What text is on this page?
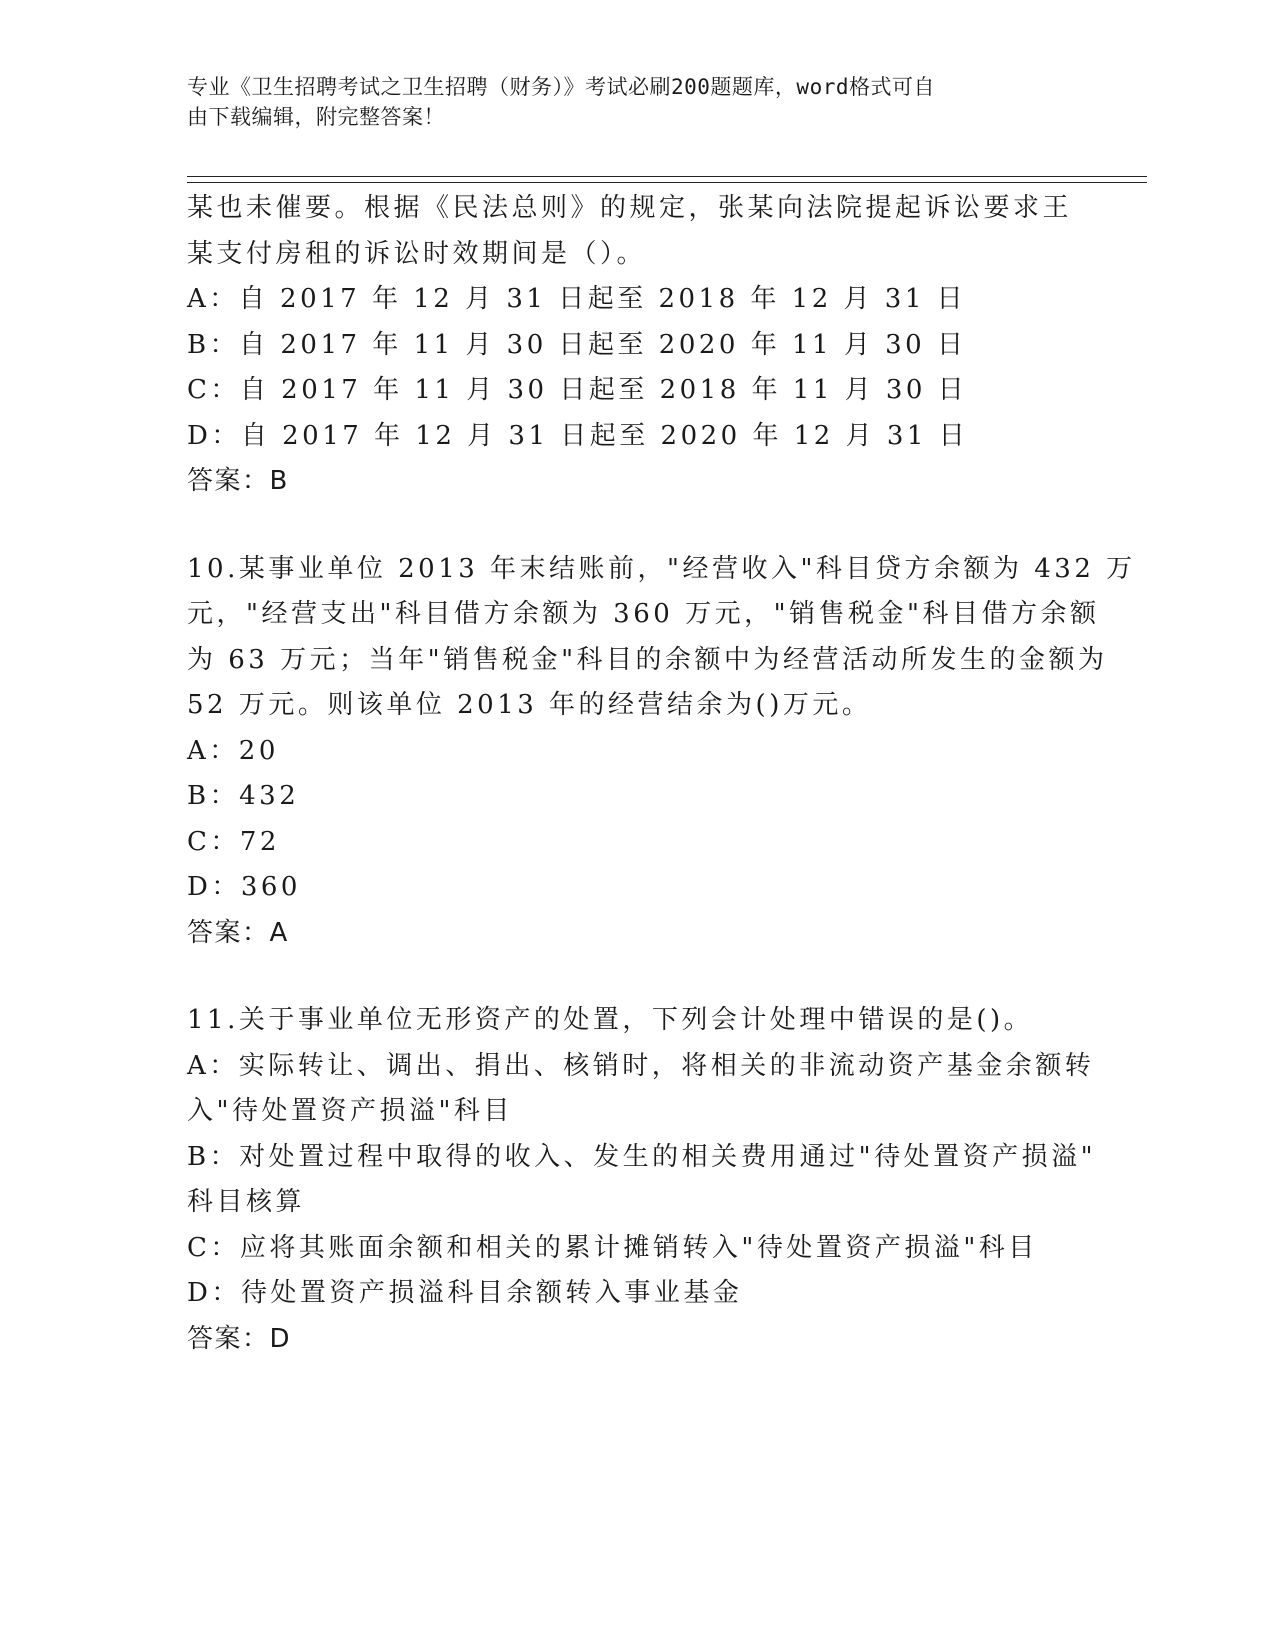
专业《卫生招聘考试之卫生招聘（财务）》考试必刷200题题库，word格式可自
由下载编辑，附完整答案！
某也未催要。根据《民法总则》的规定，张某向法院提起诉讼要求王
某支付房租的诉讼时效期间是（）。
A：自 2017 年 12 月 31 日起至 2018 年 12 月 31 日
B：自 2017 年 11 月 30 日起至 2020 年 11 月 30 日
C：自 2017 年 11 月 30 日起至 2018 年 11 月 30 日
D：自 2017 年 12 月 31 日起至 2020 年 12 月 31 日
答案：B
10.某事业单位 2013 年末结账前，"经营收入"科目贷方余额为 432 万
元，"经营支出"科目借方余额为 360 万元，"销售税金"科目借方余额
为 63 万元；当年"销售税金"科目的余额中为经营活动所发生的金额为
52 万元。则该单位 2013 年的经营结余为()万元。
A：20
B：432
C：72
D：360
答案：A
11.关于事业单位无形资产的处置，下列会计处理中错误的是()。
A：实际转让、调出、捐出、核销时，将相关的非流动资产基金余额转
入"待处置资产损溢"科目
B：对处置过程中取得的收入、发生的相关费用通过"待处置资产损溢"
科目核算
C：应将其账面余额和相关的累计摊销转入"待处置资产损溢"科目
D：待处置资产损溢科目余额转入事业基金
答案：D
